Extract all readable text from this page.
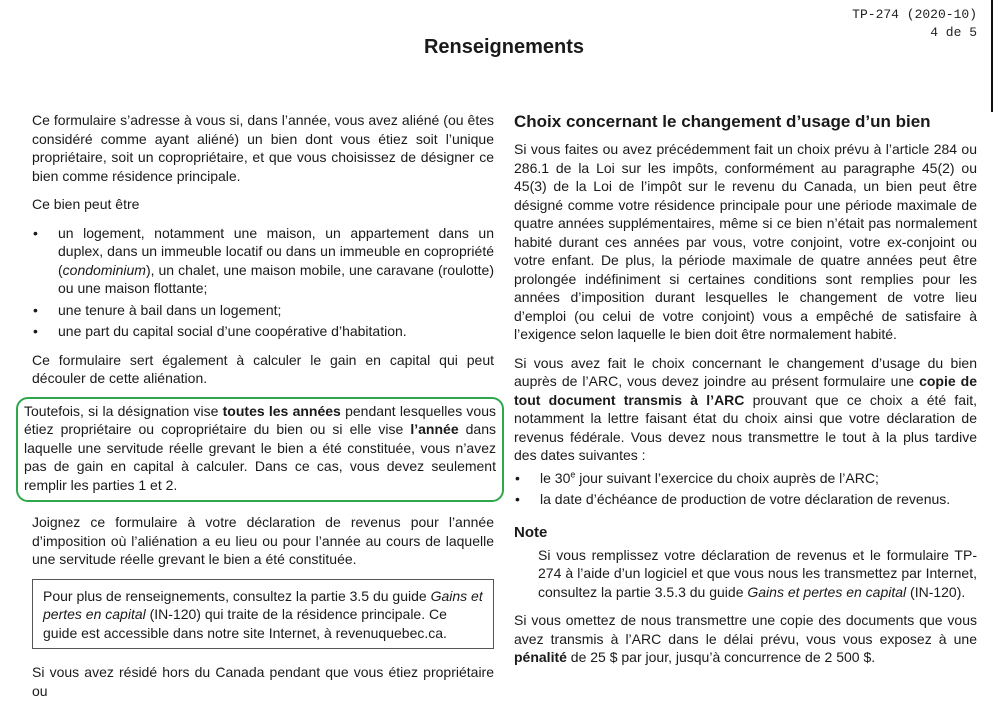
TP-274 (2020-10)
4 de 5
Renseignements

Ce formulaire s’adresse à vous si, dans l’année, vous avez aliéné (ou êtes considéré comme ayant aliéné) un bien dont vous étiez soit l’unique propriétaire, soit un copropriétaire, et que vous choisissez de désigner ce bien comme résidence principale.

Ce bien peut être

• un logement, notamment une maison, un appartement dans un duplex, dans un immeuble locatif ou dans un immeuble en copropriété (condominium), un chalet, une maison mobile, une caravane (roulotte) ou une maison flottante;
• une tenure à bail dans un logement;
• une part du capital social d’une coopérative d’habitation.

Ce formulaire sert également à calculer le gain en capital qui peut découler de cette aliénation.

Toutefois, si la désignation vise toutes les années pendant lesquelles vous étiez propriétaire ou copropriétaire du bien ou si elle vise l’année dans laquelle une servitude réelle grevant le bien a été constituée, vous n’avez pas de gain en capital à calculer. Dans ce cas, vous devez seulement remplir les parties 1 et 2.

Joignez ce formulaire à votre déclaration de revenus pour l’année d’imposition où l’aliénation a eu lieu ou pour l’année au cours de laquelle une servitude réelle grevant le bien a été constituée.

Pour plus de renseignements, consultez la partie 3.5 du guide Gains et pertes en capital (IN-120) qui traite de la résidence principale. Ce guide est accessible dans notre site Internet, à revenuquebec.ca.

Si vous avez résidé hors du Canada pendant que vous étiez propriétaire ou

Choix concernant le changement d’usage d’un bien

Si vous faites ou avez précédemment fait un choix prévu à l’article 284 ou 286.1 de la Loi sur les impôts, conformément au paragraphe 45(2) ou 45(3) de la Loi de l’impôt sur le revenu du Canada, un bien peut être désigné comme votre résidence principale pour une période maximale de quatre années supplémentaires, même si ce bien n’était pas normalement habité durant ces années par vous, votre conjoint, votre ex-conjoint ou votre enfant. De plus, la période maximale de quatre années peut être prolongée indéfiniment si certaines conditions sont remplies pour les années d’imposition durant lesquelles le changement de votre lieu d’emploi (ou celui de votre conjoint) vous a empêché de satisfaire à l’exigence selon laquelle le bien doit être normalement habité.

Si vous avez fait le choix concernant le changement d’usage du bien auprès de l’ARC, vous devez joindre au présent formulaire une copie de tout document transmis à l’ARC prouvant que ce choix a été fait, notamment la lettre faisant état du choix ainsi que votre déclaration de revenus fédérale. Vous devez nous transmettre le tout à la plus tardive des dates suivantes :

• le 30e jour suivant l’exercice du choix auprès de l’ARC;
• la date d’échéance de production de votre déclaration de revenus.
Note

Si vous remplissez votre déclaration de revenus et le formulaire TP-274 à l’aide d’un logiciel et que vous nous les transmettez par Internet, consultez la partie 3.5.3 du guide Gains et pertes en capital (IN-120).

Si vous omettez de nous transmettre une copie des documents que vous avez transmis à l’ARC dans le délai prévu, vous vous exposez à une pénalité de 25 $ par jour, jusqu’à concurrence de 2 500 $.
